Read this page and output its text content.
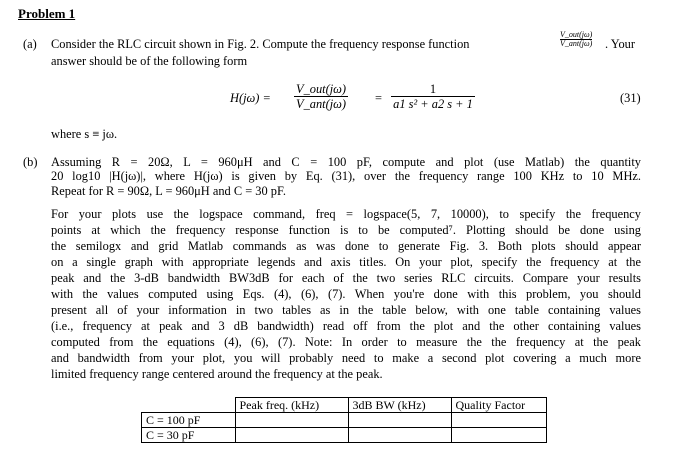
Problem 1
(a) Consider the RLC circuit shown in Fig. 2. Compute the frequency response function	$\frac{\text{V\_out(jω)}}{\text{V\_ant(jω)}}$ . Your
answer should be of the following form
$H(j\omega) = \frac{\text{V\_out(jω)}}{\text{V\_ant(jω)}} = \frac{1}{\text{a1 s² + a2 s + 1}}$	(31)
where s ≡ jω.
(b) Assuming R = 20Ω, L = 960μH and C = 100 pF, compute and plot (use Matlab) the quantity
20 log10 |H(jω)|, where H(jω) is given by Eq. (31), over the frequency range 100 KHz to 10 MHz.
Repeat for R = 90Ω, L = 960μH and C = 30 pF.
For your plots use the logspace command, freq = logspace(5, 7, 10000), to specify the frequency
points at which the frequency response function is to be computed⁷. Plotting should be done using
the semilogx and grid Matlab commands as was done to generate Fig. 3. Both plots should appear
on a single graph with appropriate legends and axis titles. On your plot, specify the frequency at the
peak and the 3-dB bandwidth BW3dB for each of the two series RLC circuits. Compare your results
with the values computed using Eqs. (4), (6), (7). When you're done with this problem, you should
present all of your information in two tables as in the table below, with one table containing values
(i.e., frequency at peak and 3 dB bandwidth) read off from the plot and the other containing values
computed from the equations (4), (6), (7). Note: In order to measure the the frequency at the peak
and bandwidth from your plot, you will probably need to make a second plot covering a much more
limited frequency range centered around the frequency at the peak.
	Peak freq. (kHz)	3dB BW (kHz)	Quality Factor
C = 100 pF			
C = 30 pF			
